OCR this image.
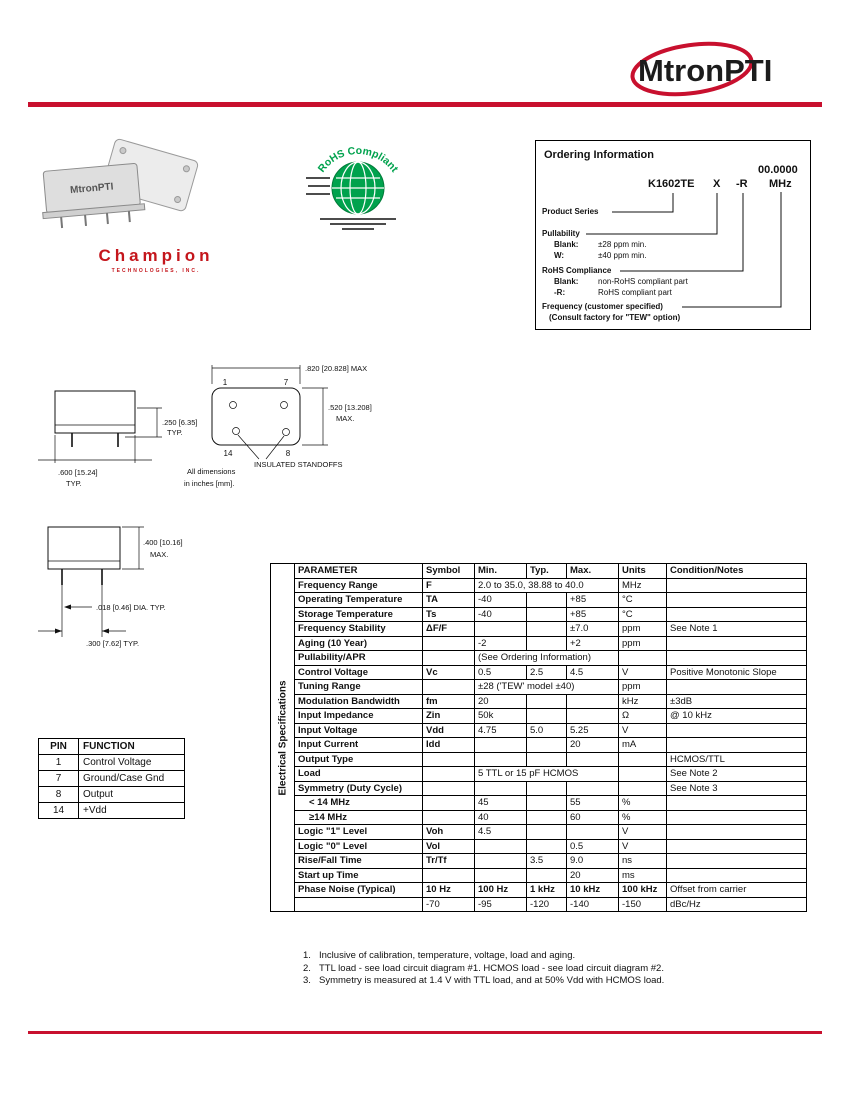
MtronPTI
MtronPTI
Champion
TECHNOLOGIES, INC.
RoHS Compliant
Ordering Information
K1602TE X -R
00.0000
MHz
Product Series
Pullability
Blank: ±28 ppm min.
W:	±40 ppm min.
RoHS Compliance
Blank: non-RoHS compliant part
-R:	RoHS compliant part
Frequency (customer specified)
(Consult factory for "TEW" option)
.250 [6.35]
TYP.
.600 [15.24]
TYP.
1	7
14	8
.820 [20.828] MAX
.520 [13.208]
MAX.
INSULATED STANDOFFS
All dimensions
in inches [mm].
.400 [10.16]
MAX.
.018 [0.46] DIA. TYP.
.300 [7.62] TYP.
PIN	FUNCTION
1	Control Voltage
7	Ground/Case Gnd
8	Output
14	+Vdd
Electrical Specifications
PARAMETER	Symbol	Min.	Typ.	Max.	Units	Condition/Notes
Frequency Range	F	2.0 to 35.0, 38.88 to 40.0			MHz	
Operating Temperature	TA	-40		+85	°C	
Storage Temperature	Ts	-40		+85	°C	
Frequency Stability	ΔF/F			±7.0	ppm	See Note 1
Aging (10 Year)		-2		+2	ppm	
Pullability/APR		(See Ordering Information)				
Control Voltage	Vc	0.5	2.5	4.5	V	Positive Monotonic Slope
Tuning Range		±28 ('TEW' model ±40)			ppm	
Modulation Bandwidth	fm	20			kHz	±3dB
Input Impedance	Zin	50k			Ω	@ 10 kHz
Input Voltage	Vdd	4.75	5.0	5.25	V	
Input Current	Idd			20	mA	
Output Type						HCMOS/TTL
Load		5 TTL or 15 pF HCMOS				See Note 2
Symmetry (Duty Cycle)						See Note 3
< 14 MHz		45		55	%	
≥14 MHz		40		60	%	
Logic "1" Level	Voh	4.5			V	
Logic "0" Level	Vol			0.5	V	
Rise/Fall Time	Tr/Tf		3.5	9.0	ns	
Start up Time				20	ms	
Phase Noise (Typical)	10 Hz	100 Hz	1 kHz	10 kHz	100 kHz	Offset from carrier
	-70	-95	-120	-140	-150	dBc/Hz
1. Inclusive of calibration, temperature, voltage, load and aging.
2. TTL load - see load circuit diagram #1. HCMOS load - see load circuit diagram #2.
3. Symmetry is measured at 1.4 V with TTL load, and at 50% Vdd with HCMOS load.
